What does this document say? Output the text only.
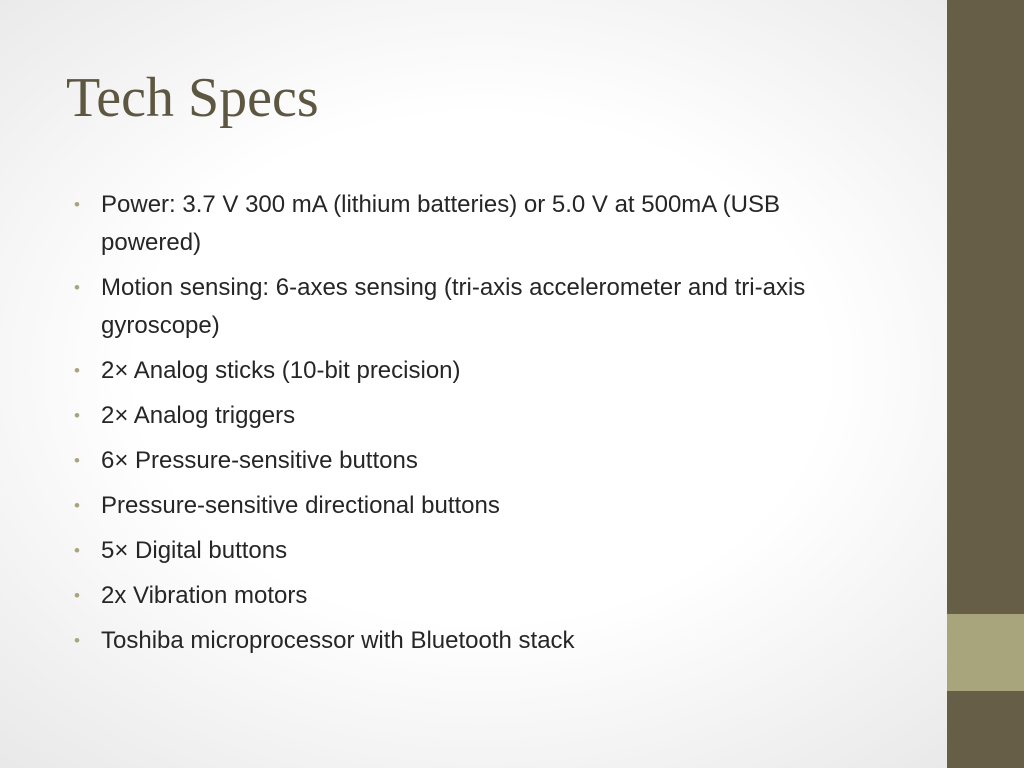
Tech Specs
• Power: 3.7 V 300 mA (lithium batteries) or 5.0 V at 500mA (USB powered)
• Motion sensing: 6-axes sensing (tri-axis accelerometer and tri-axis gyroscope)
• 2× Analog sticks (10-bit precision)
• 2× Analog triggers
• 6× Pressure-sensitive buttons
• Pressure-sensitive directional buttons
• 5× Digital buttons
• 2x Vibration motors
• Toshiba microprocessor with Bluetooth stack
